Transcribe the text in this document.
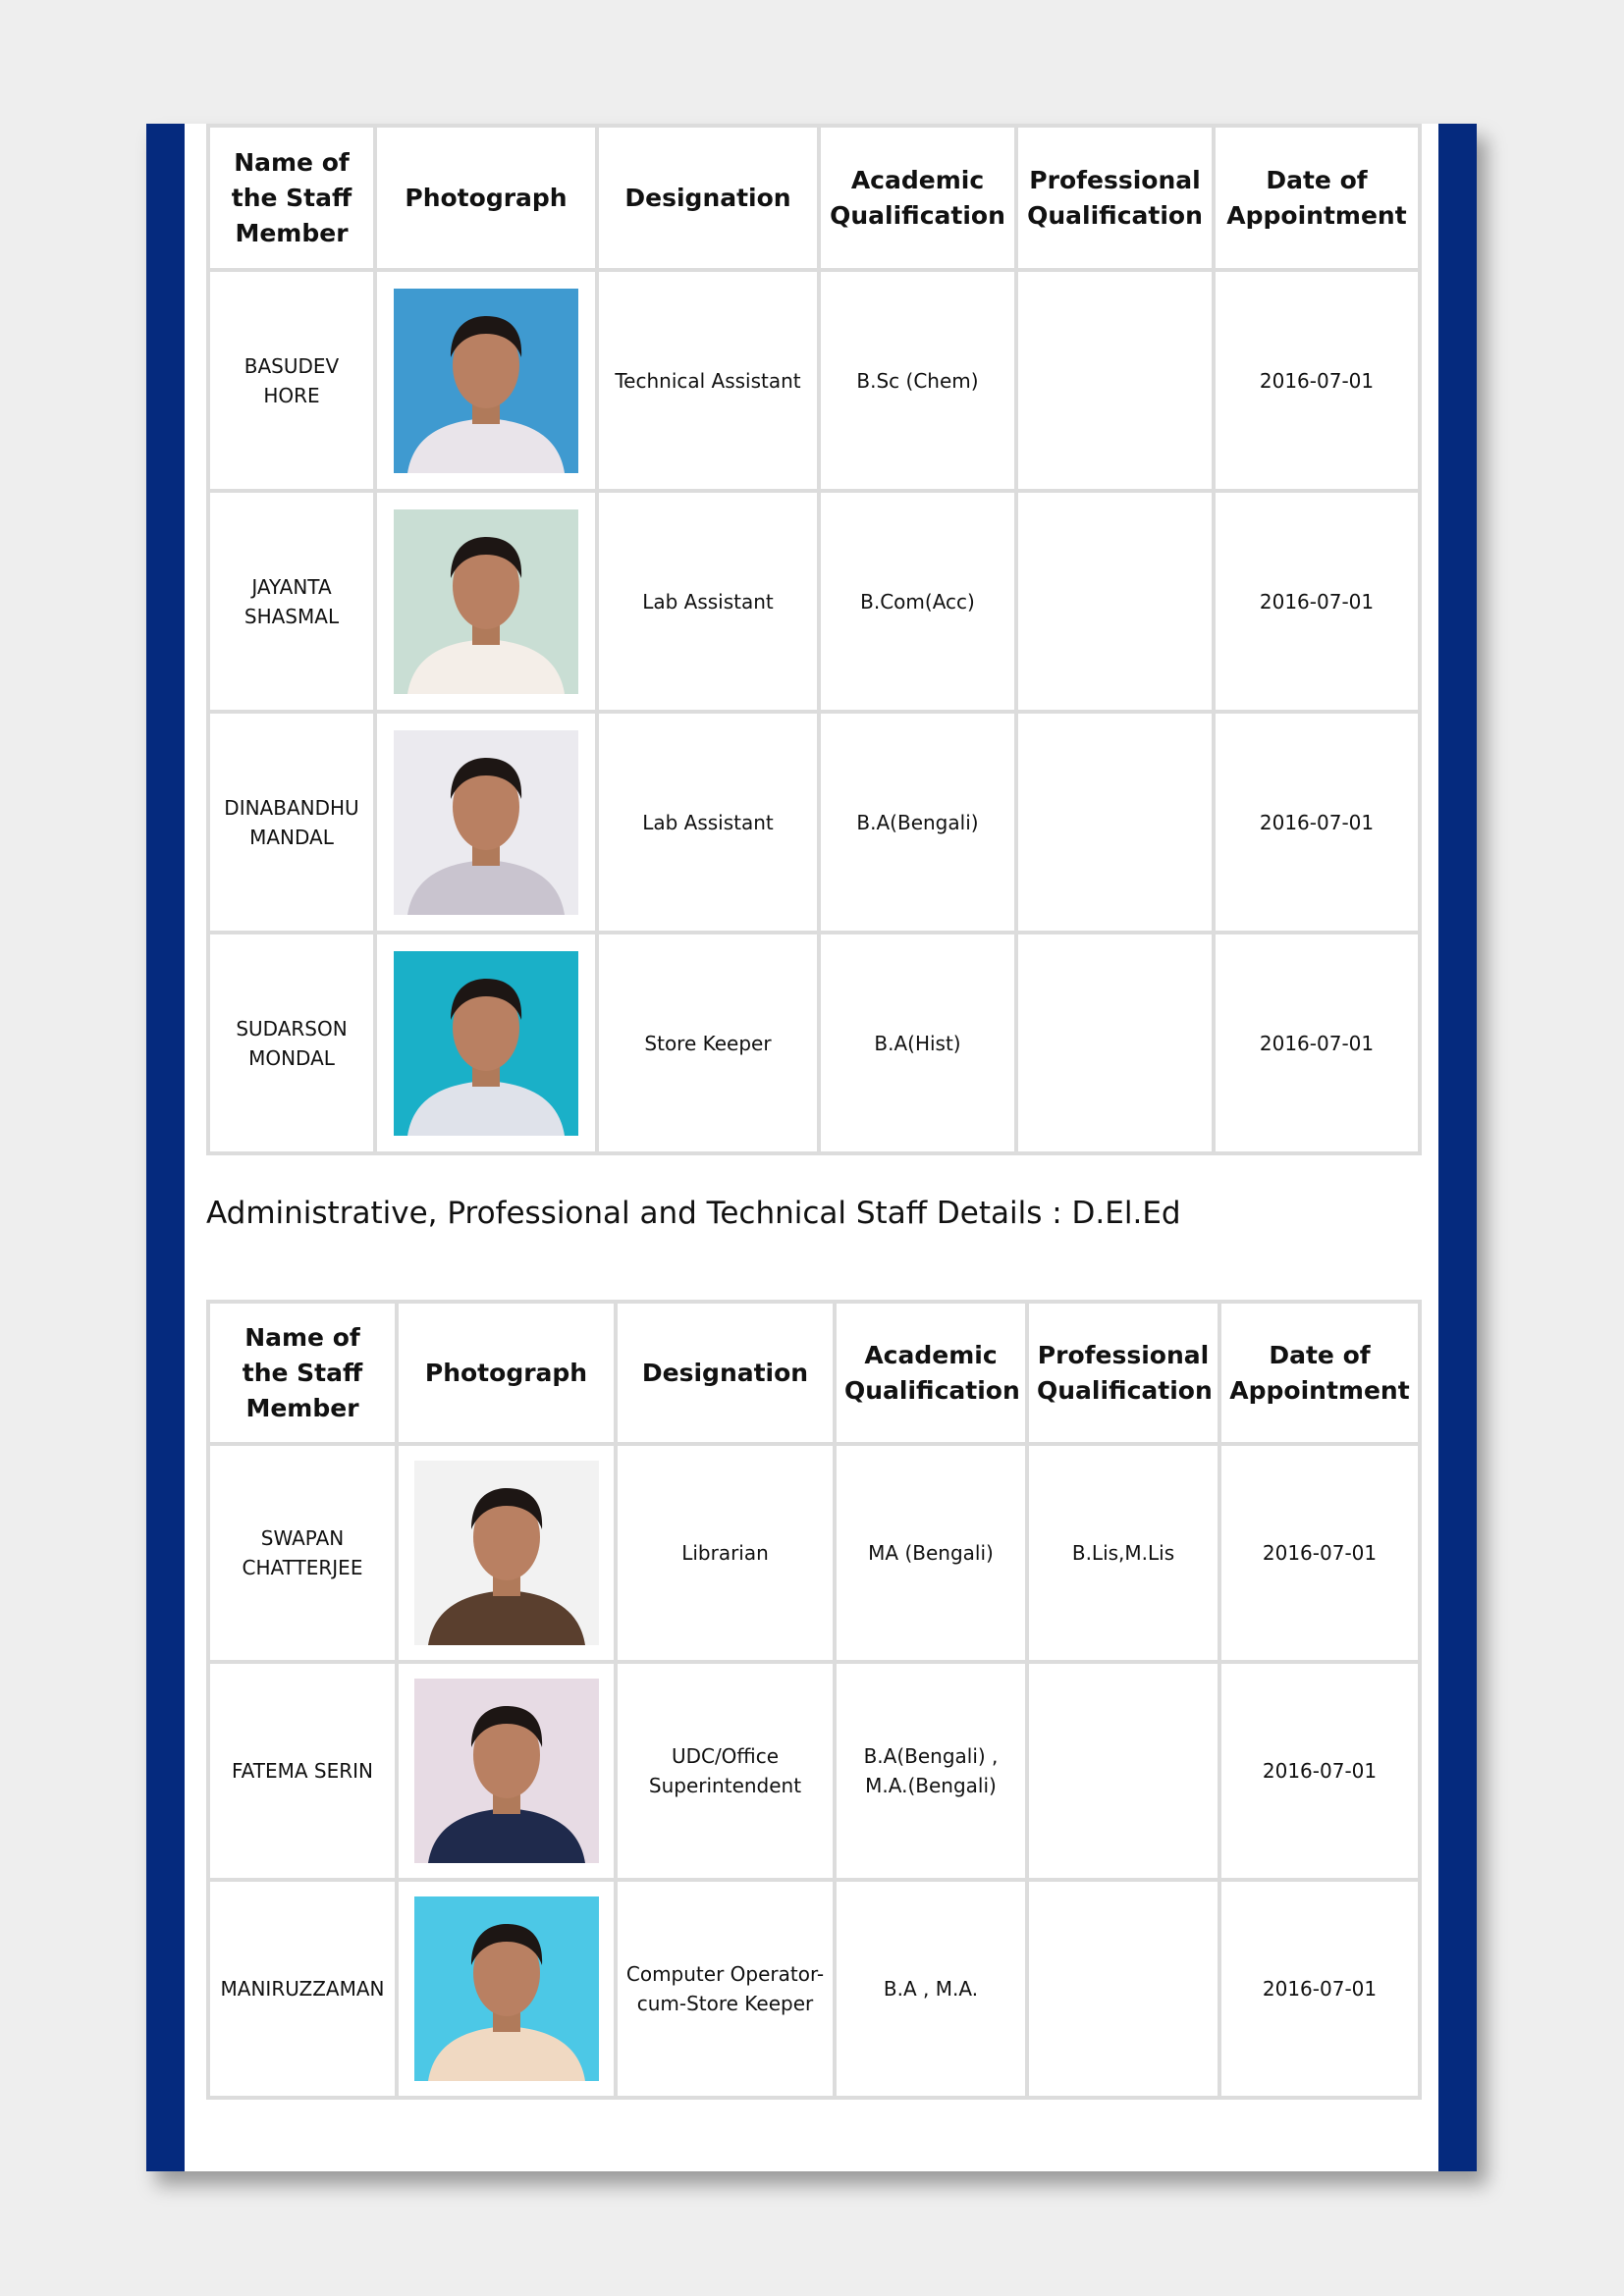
Name of the Staff Member	Photograph	Designation	Academic Qualification	Professional Qualification	Date of Appointment
BASUDEV HORE		Technical Assistant	B.Sc (Chem)		2016-07-01
JAYANTA SHASMAL		Lab Assistant	B.Com(Acc)		2016-07-01
DINABANDHU MANDAL		Lab Assistant	B.A(Bengali)		2016-07-01
SUDARSON MONDAL		Store Keeper	B.A(Hist)		2016-07-01
Administrative, Professional and Technical Staff Details : D.El.Ed
Name of the Staff Member	Photograph	Designation	Academic Qualification	Professional Qualification	Date of Appointment
SWAPAN CHATTERJEE		Librarian	MA (Bengali)	B.Lis,M.Lis	2016-07-01
FATEMA SERIN		UDC/Office Superintendent	B.A(Bengali) , M.A.(Bengali)		2016-07-01
MANIRUZZAMAN		Computer Operator-cum-Store Keeper	B.A , M.A.		2016-07-01
